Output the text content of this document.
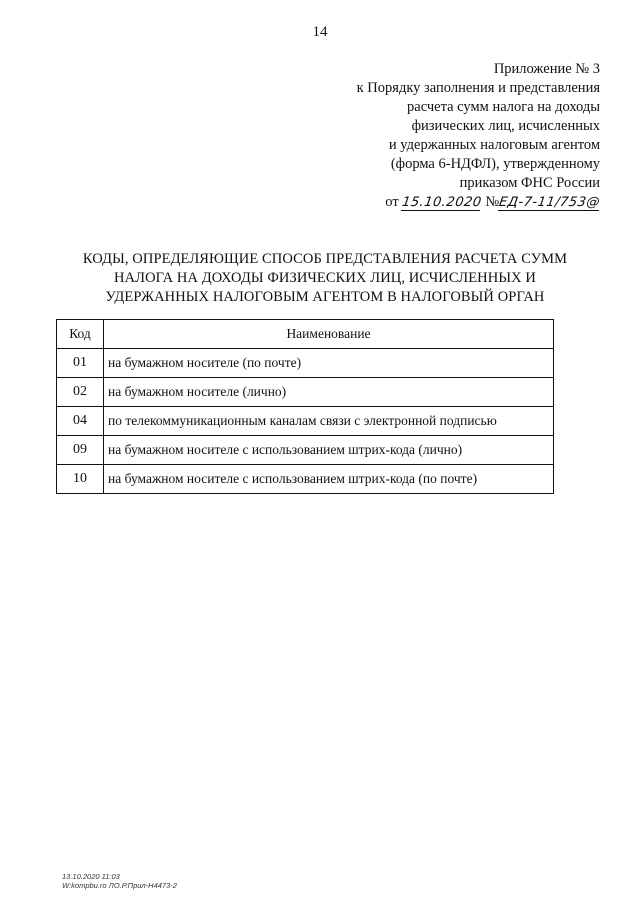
14
Приложение № 3
к Порядку заполнения и представления
расчета сумм налога на доходы
физических лиц, исчисленных
и удержанных налоговым агентом
(форма 6-НДФЛ), утвержденному
приказом ФНС России
от 15.10.2020 №ЕД-7-11/753@
КОДЫ, ОПРЕДЕЛЯЮЩИЕ СПОСОБ ПРЕДСТАВЛЕНИЯ РАСЧЕТА СУММ
НАЛОГА НА ДОХОДЫ ФИЗИЧЕСКИХ ЛИЦ, ИСЧИСЛЕННЫХ И
УДЕРЖАННЫХ НАЛОГОВЫМ АГЕНТОМ В НАЛОГОВЫЙ ОРГАН
Код	Наименование
01	на бумажном носителе (по почте)
02	на бумажном носителе (лично)
04	по телекоммуникационным каналам связи с электронной подписью
09	на бумажном носителе с использованием штрих-кода (лично)
10	на бумажном носителе с использованием штрих-кода (по почте)
13.10.2020 11:03
W:kompbu.ro ЛО.Р.Прил-Н4473-2
